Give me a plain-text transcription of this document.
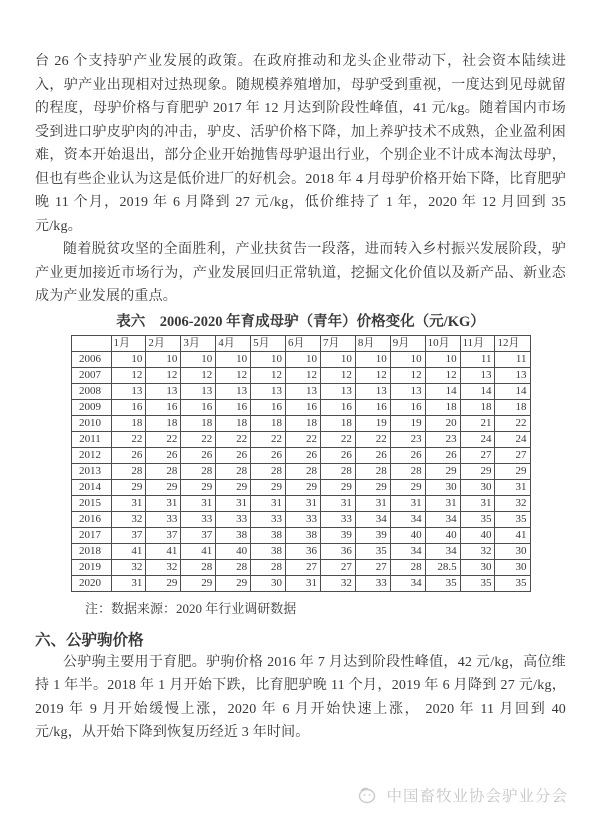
台 26 个支持驴产业发展的政策。在政府推动和龙头企业带动下，社会资本陆续进入，驴产业出现相对过热现象。随规模养殖增加，母驴受到重视，一度达到见母就留的程度，母驴价格与育肥驴 2017 年 12 月达到阶段性峰值，41 元/kg。随着国内市场受到进口驴皮驴肉的冲击，驴皮、活驴价格下降，加上养驴技术不成熟，企业盈利困难，资本开始退出，部分企业开始抛售母驴退出行业，个别企业不计成本淘汰母驴，但也有些企业认为这是低价进厂的好机会。2018 年 4 月母驴价格开始下降，比育肥驴晚 11 个月，2019 年 6 月降到 27 元/kg，低价维持了 1 年，2020 年 12 月回到 35 元/kg。

随着脱贫攻坚的全面胜利，产业扶贫告一段落，进而转入乡村振兴发展阶段，驴产业更加接近市场行为，产业发展回归正常轨道，挖掘文化价值以及新产品、新业态成为产业发展的重点。

表六　2006-2020 年育成母驴（青年）价格变化（元/KG）
	1月	2月	3月	4月	5月	6月	7月	8月	9月	10月	11月	12月
2006	10	10	10	10	10	10	10	10	10	10	11	11
2007	12	12	12	12	12	12	12	12	12	12	13	13
2008	13	13	13	13	13	13	13	13	13	14	14	14
2009	16	16	16	16	16	16	16	16	16	18	18	18
2010	18	18	18	18	18	18	18	19	19	20	21	22
2011	22	22	22	22	22	22	22	22	23	23	24	24
2012	26	26	26	26	26	26	26	26	26	26	27	27
2013	28	28	28	28	28	28	28	28	28	29	29	29
2014	29	29	29	29	29	29	29	29	29	30	30	31
2015	31	31	31	31	31	31	31	31	31	31	31	32
2016	32	33	33	33	33	33	33	34	34	34	35	35
2017	37	37	37	38	38	38	39	39	40	40	40	41
2018	41	41	41	40	38	36	36	35	34	34	32	30
2019	32	32	28	28	28	27	27	27	28	28.5	30	30
2020	31	29	29	29	30	31	32	33	34	35	35	35
注：数据来源：2020 年行业调研数据
六、公驴驹价格

公驴驹主要用于育肥。驴驹价格 2016 年 7 月达到阶段性峰值，42 元/kg，高位维持 1 年半。2018 年 1 月开始下跌，比育肥驴晚 11 个月，2019 年 6 月降到 27 元/kg，2019 年 9 月开始缓慢上涨，2020 年 6 月开始快速上涨， 2020 年 11 月回到 40 元/kg，从开始下降到恢复历经近 3 年时间。

中国畜牧业协会驴业分会
